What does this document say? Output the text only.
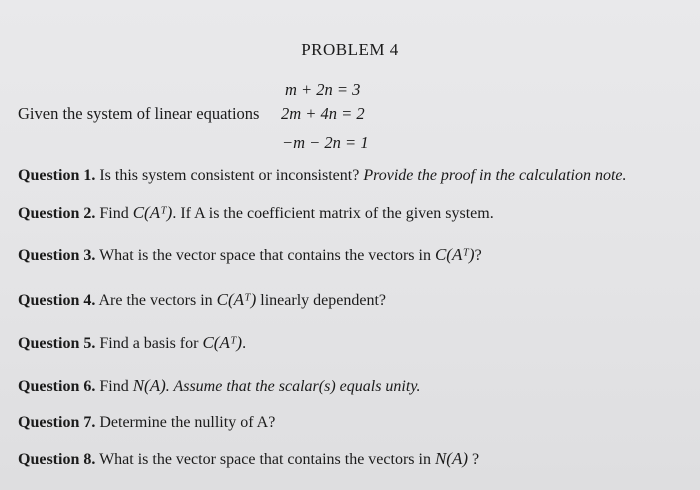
PROBLEM 4
m + 2n = 3
Given the system of linear equations 2m + 4n = 2
−m − 2n = 1
Question 1. Is this system consistent or inconsistent? Provide the proof in the calculation note.
Question 2. Find C(Aᵀ). If A is the coefficient matrix of the given system.
Question 3. What is the vector space that contains the vectors in C(Aᵀ)?
Question 4. Are the vectors in C(Aᵀ) linearly dependent?
Question 5. Find a basis for C(Aᵀ).
Question 6. Find N(A). Assume that the scalar(s) equals unity.
Question 7. Determine the nullity of A?
Question 8. What is the vector space that contains the vectors in N(A) ?
